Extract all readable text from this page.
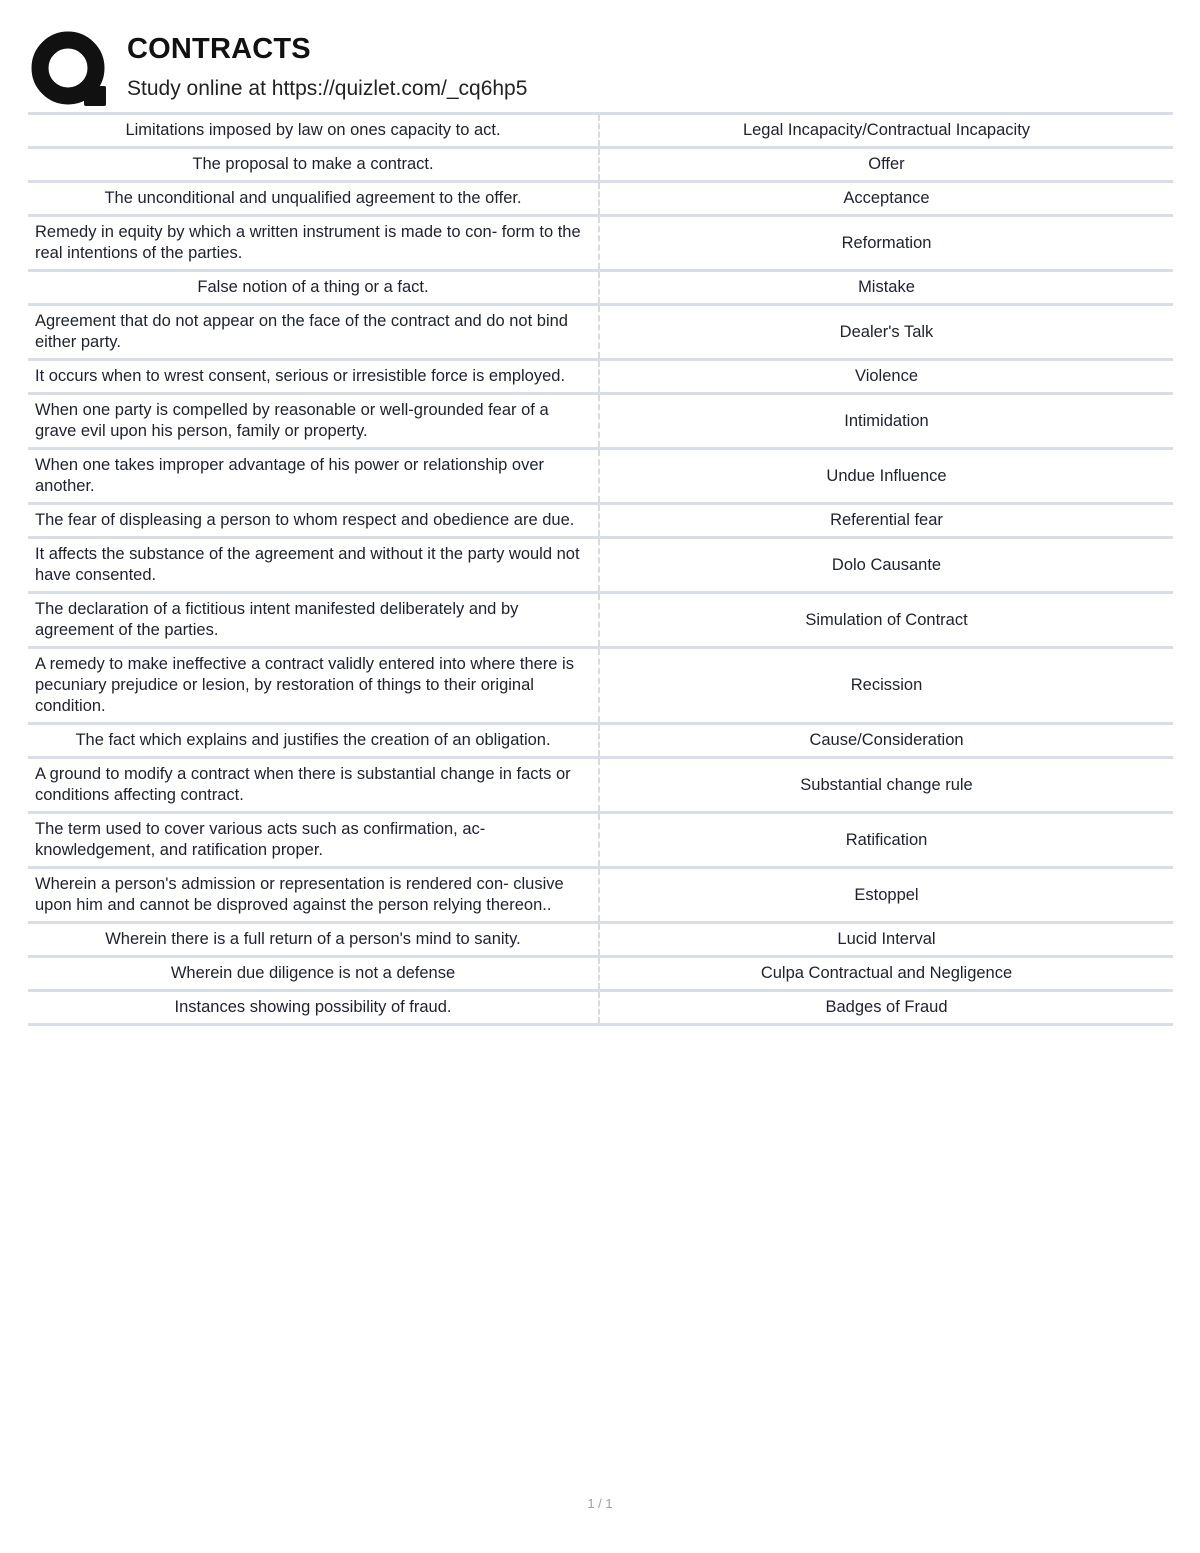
CONTRACTS
Study online at https://quizlet.com/_cq6hp5
Limitations imposed by law on ones capacity to act.	Legal Incapacity/Contractual Incapacity
The proposal to make a contract.	Offer
The unconditional and unqualified agreement to the offer.	Acceptance
Remedy in equity by which a written instrument is made to con- form to the real intentions of the parties.	Reformation
False notion of a thing or a fact.	Mistake
Agreement that do not appear on the face of the contract and do not bind either party.	Dealer's Talk
It occurs when to wrest consent, serious or irresistible force is employed.	Violence
When one party is compelled by reasonable or well-grounded fear of a grave evil upon his person, family or property.	Intimidation
When one takes improper advantage of his power or relationship over another.	Undue Influence
The fear of displeasing a person to whom respect and obedience are due.	Referential fear
It affects the substance of the agreement and without it the party would not have consented.	Dolo Causante
The declaration of a fictitious intent manifested deliberately and by agreement of the parties.	Simulation of Contract
A remedy to make ineffective a contract validly entered into where there is pecuniary prejudice or lesion, by restoration of things to their original condition.	Recission
The fact which explains and justifies the creation of an obligation.	Cause/Consideration
A ground to modify a contract when there is substantial change in facts or conditions affecting contract.	Substantial change rule
The term used to cover various acts such as confirmation, ac- knowledgement, and ratification proper.	Ratification
Wherein a person's admission or representation is rendered con- clusive upon him and cannot be disproved against the person relying thereon..	Estoppel
Wherein there is a full return of a person's mind to sanity.	Lucid Interval
Wherein due diligence is not a defense	Culpa Contractual and Negligence
Instances showing possibility of fraud.	Badges of Fraud
1 / 1
